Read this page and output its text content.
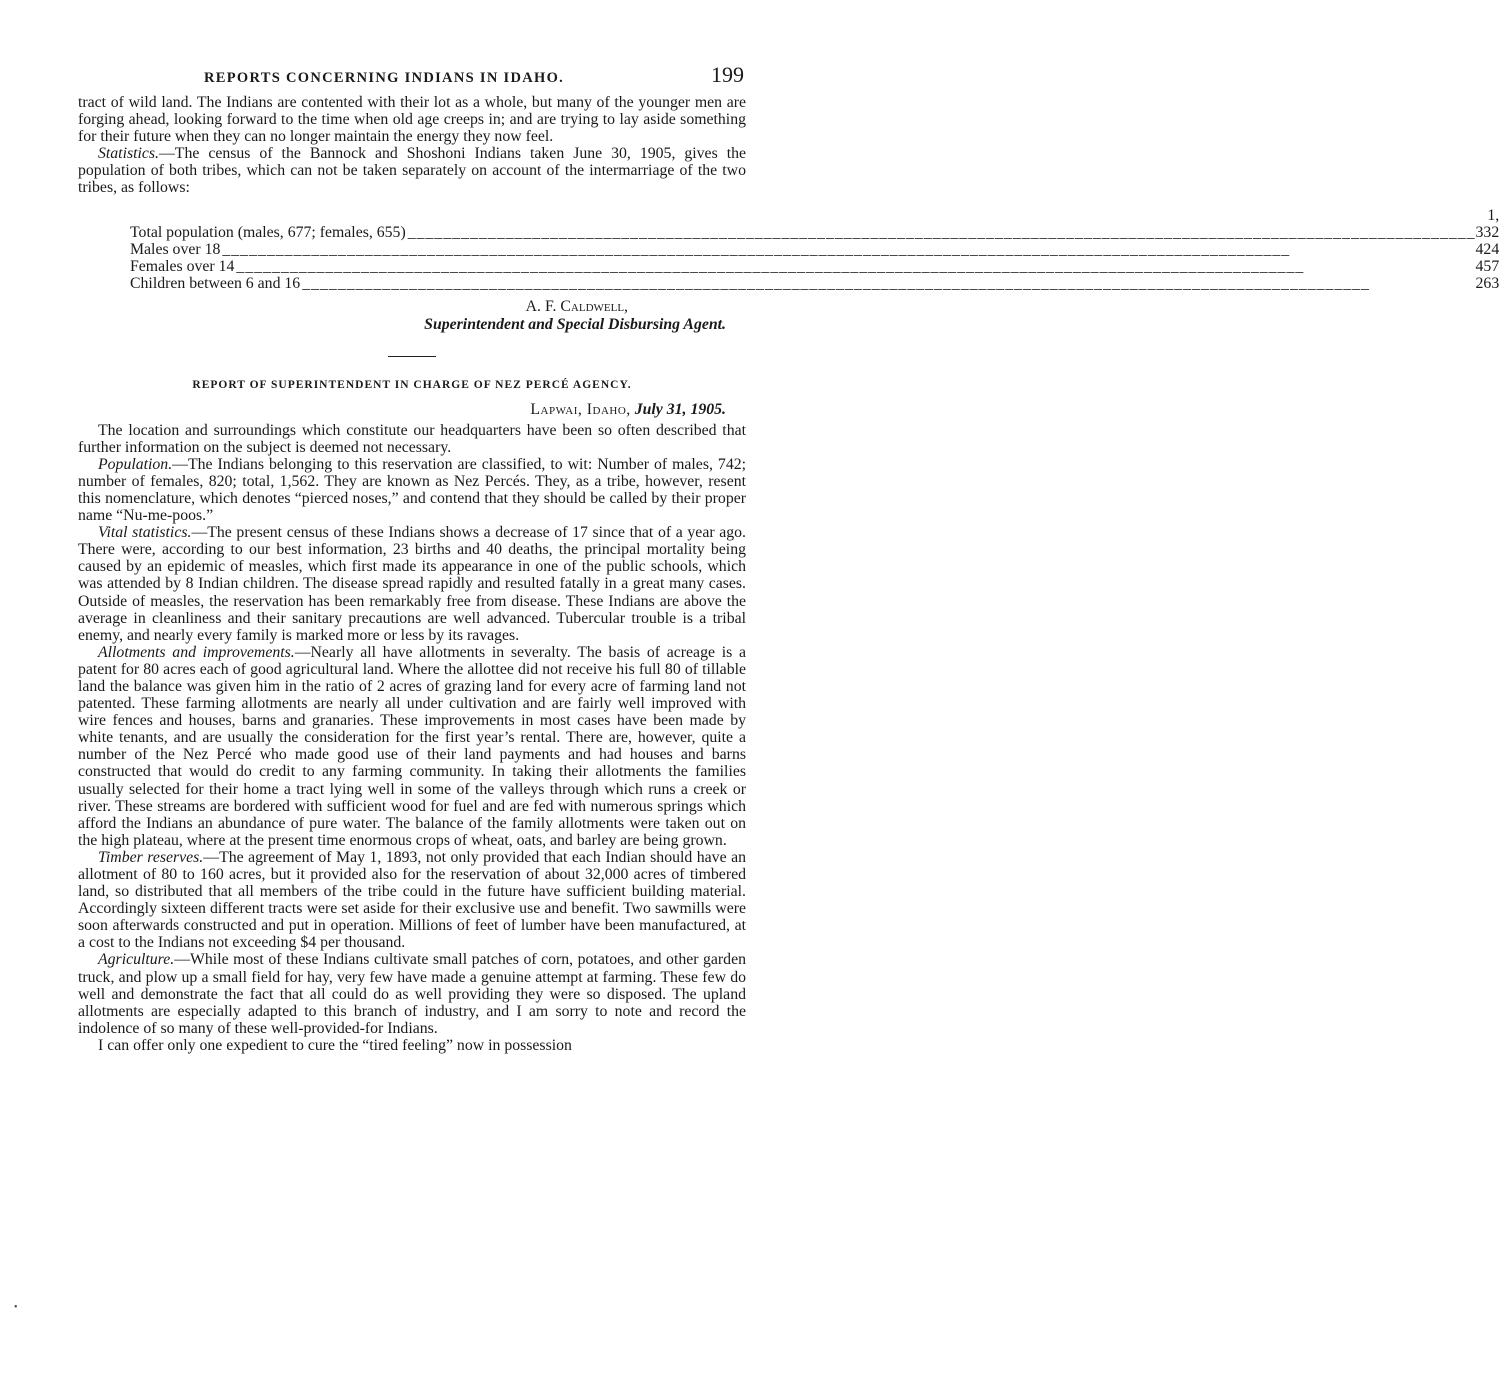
REPORTS CONCERNING INDIANS IN IDAHO.	199

tract of wild land. The Indians are contented with their lot as a whole, but many of the younger men are forging ahead, looking forward to the time when old age creeps in; and are trying to lay aside something for their future when they can no longer maintain the energy they now feel.

Statistics.—The census of the Bannock and Shoshoni Indians taken June 30, 1905, gives the population of both tribes, which can not be taken separately on account of the intermarriage of the two tribes, as follows:

Total population (males, 677; females, 655) ________________________________________________________________________________________________________________________	1, 332
Males over 18 ________________________________________________________________________________________________________________________	424
Females over 14 ________________________________________________________________________________________________________________________	457
Children between 6 and 16 ________________________________________________________________________________________________________________________	263
A. F. Caldwell,
Superintendent and Special Disbursing Agent.
REPORT OF SUPERINTENDENT IN CHARGE OF NEZ PERCÉ AGENCY.
Lapwai, Idaho, July 31, 1905.

The location and surroundings which constitute our headquarters have been so often described that further information on the subject is deemed not necessary.

Population.—The Indians belonging to this reservation are classified, to wit: Number of males, 742; number of females, 820; total, 1,562. They are known as Nez Percés. They, as a tribe, however, resent this nomenclature, which denotes “pierced noses,” and contend that they should be called by their proper name “Nu-me-poos.”

Vital statistics.—The present census of these Indians shows a decrease of 17 since that of a year ago. There were, according to our best information, 23 births and 40 deaths, the principal mortality being caused by an epidemic of measles, which first made its appearance in one of the public schools, which was attended by 8 Indian children. The disease spread rapidly and resulted fatally in a great many cases. Outside of measles, the reservation has been remarkably free from disease. These Indians are above the average in cleanliness and their sanitary precautions are well advanced. Tubercular trouble is a tribal enemy, and nearly every family is marked more or less by its ravages.

Allotments and improvements.—Nearly all have allotments in severalty. The basis of acreage is a patent for 80 acres each of good agricultural land. Where the allottee did not receive his full 80 of tillable land the balance was given him in the ratio of 2 acres of grazing land for every acre of farming land not patented. These farming allotments are nearly all under cultivation and are fairly well improved with wire fences and houses, barns and granaries. These improvements in most cases have been made by white tenants, and are usually the consideration for the first year’s rental. There are, however, quite a number of the Nez Percé who made good use of their land payments and had houses and barns constructed that would do credit to any farming community. In taking their allotments the families usually selected for their home a tract lying well in some of the valleys through which runs a creek or river. These streams are bordered with sufficient wood for fuel and are fed with numerous springs which afford the Indians an abundance of pure water. The balance of the family allotments were taken out on the high plateau, where at the present time enormous crops of wheat, oats, and barley are being grown.

Timber reserves.—The agreement of May 1, 1893, not only provided that each Indian should have an allotment of 80 to 160 acres, but it provided also for the reservation of about 32,000 acres of timbered land, so distributed that all members of the tribe could in the future have sufficient building material. Accordingly sixteen different tracts were set aside for their exclusive use and benefit. Two sawmills were soon afterwards constructed and put in operation. Millions of feet of lumber have been manufactured, at a cost to the Indians not exceeding $4 per thousand.

Agriculture.—While most of these Indians cultivate small patches of corn, potatoes, and other garden truck, and plow up a small field for hay, very few have made a genuine attempt at farming. These few do well and demonstrate the fact that all could do as well providing they were so disposed. The upland allotments are especially adapted to this branch of industry, and I am sorry to note and record the indolence of so many of these well-provided-for Indians.

I can offer only one expedient to cure the “tired feeling” now in possession

•
